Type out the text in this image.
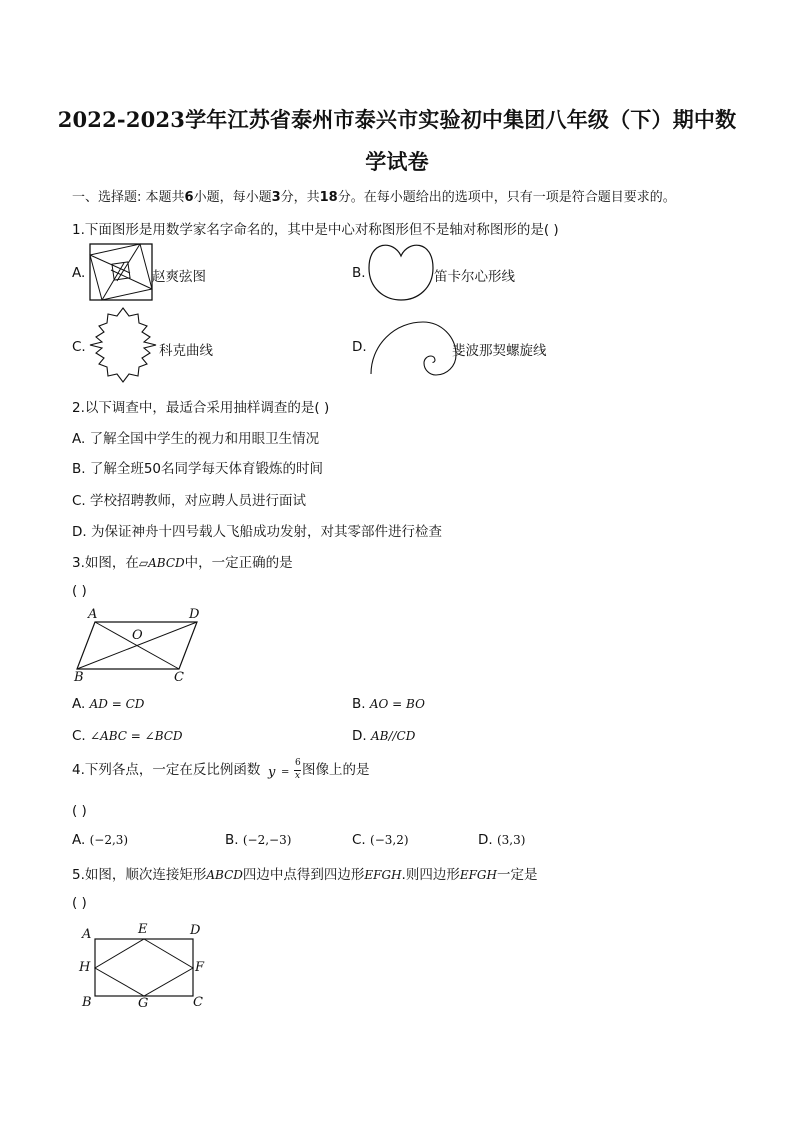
2022-2023学年江苏省泰州市泰兴市实验初中集团八年级（下）期中数
学试卷
一、选择题: 本题共6小题，每小题3分，共18分。在每小题给出的选项中，只有一项是符合题目要求的。
1.下面图形是用数学家名字命名的，其中是中心对称图形但不是轴对称图形的是( )
A.	赵爽弦图	B.	笛卡尔心形线
C.	科克曲线	D.	斐波那契螺旋线
2.以下调查中，最适合采用抽样调查的是( )
A. 了解全国中学生的视力和用眼卫生情况
B. 了解全班50名同学每天体育锻炼的时间
C. 学校招聘教师，对应聘人员进行面试
D. 为保证神舟十四号载人飞船成功发射，对其零部件进行检查
3.如图，在▱ABCD中，一定正确的是
( )
A	D
O
B	C
A. AD = CD	B. AO = BO
C. ∠ABC = ∠BCD	D. AB//CD
4.下列各点，一定在反比例函数 y =
6
x 图像上的是
( )
A. (−2,3)	B. (−2,−3)	C. (−3,2)	D. (3,3)
5.如图，顺次连接矩形ABCD四边中点得到四边形EFGH.则四边形EFGH一定是
( )
A	E	D
H	F
B	G	C
